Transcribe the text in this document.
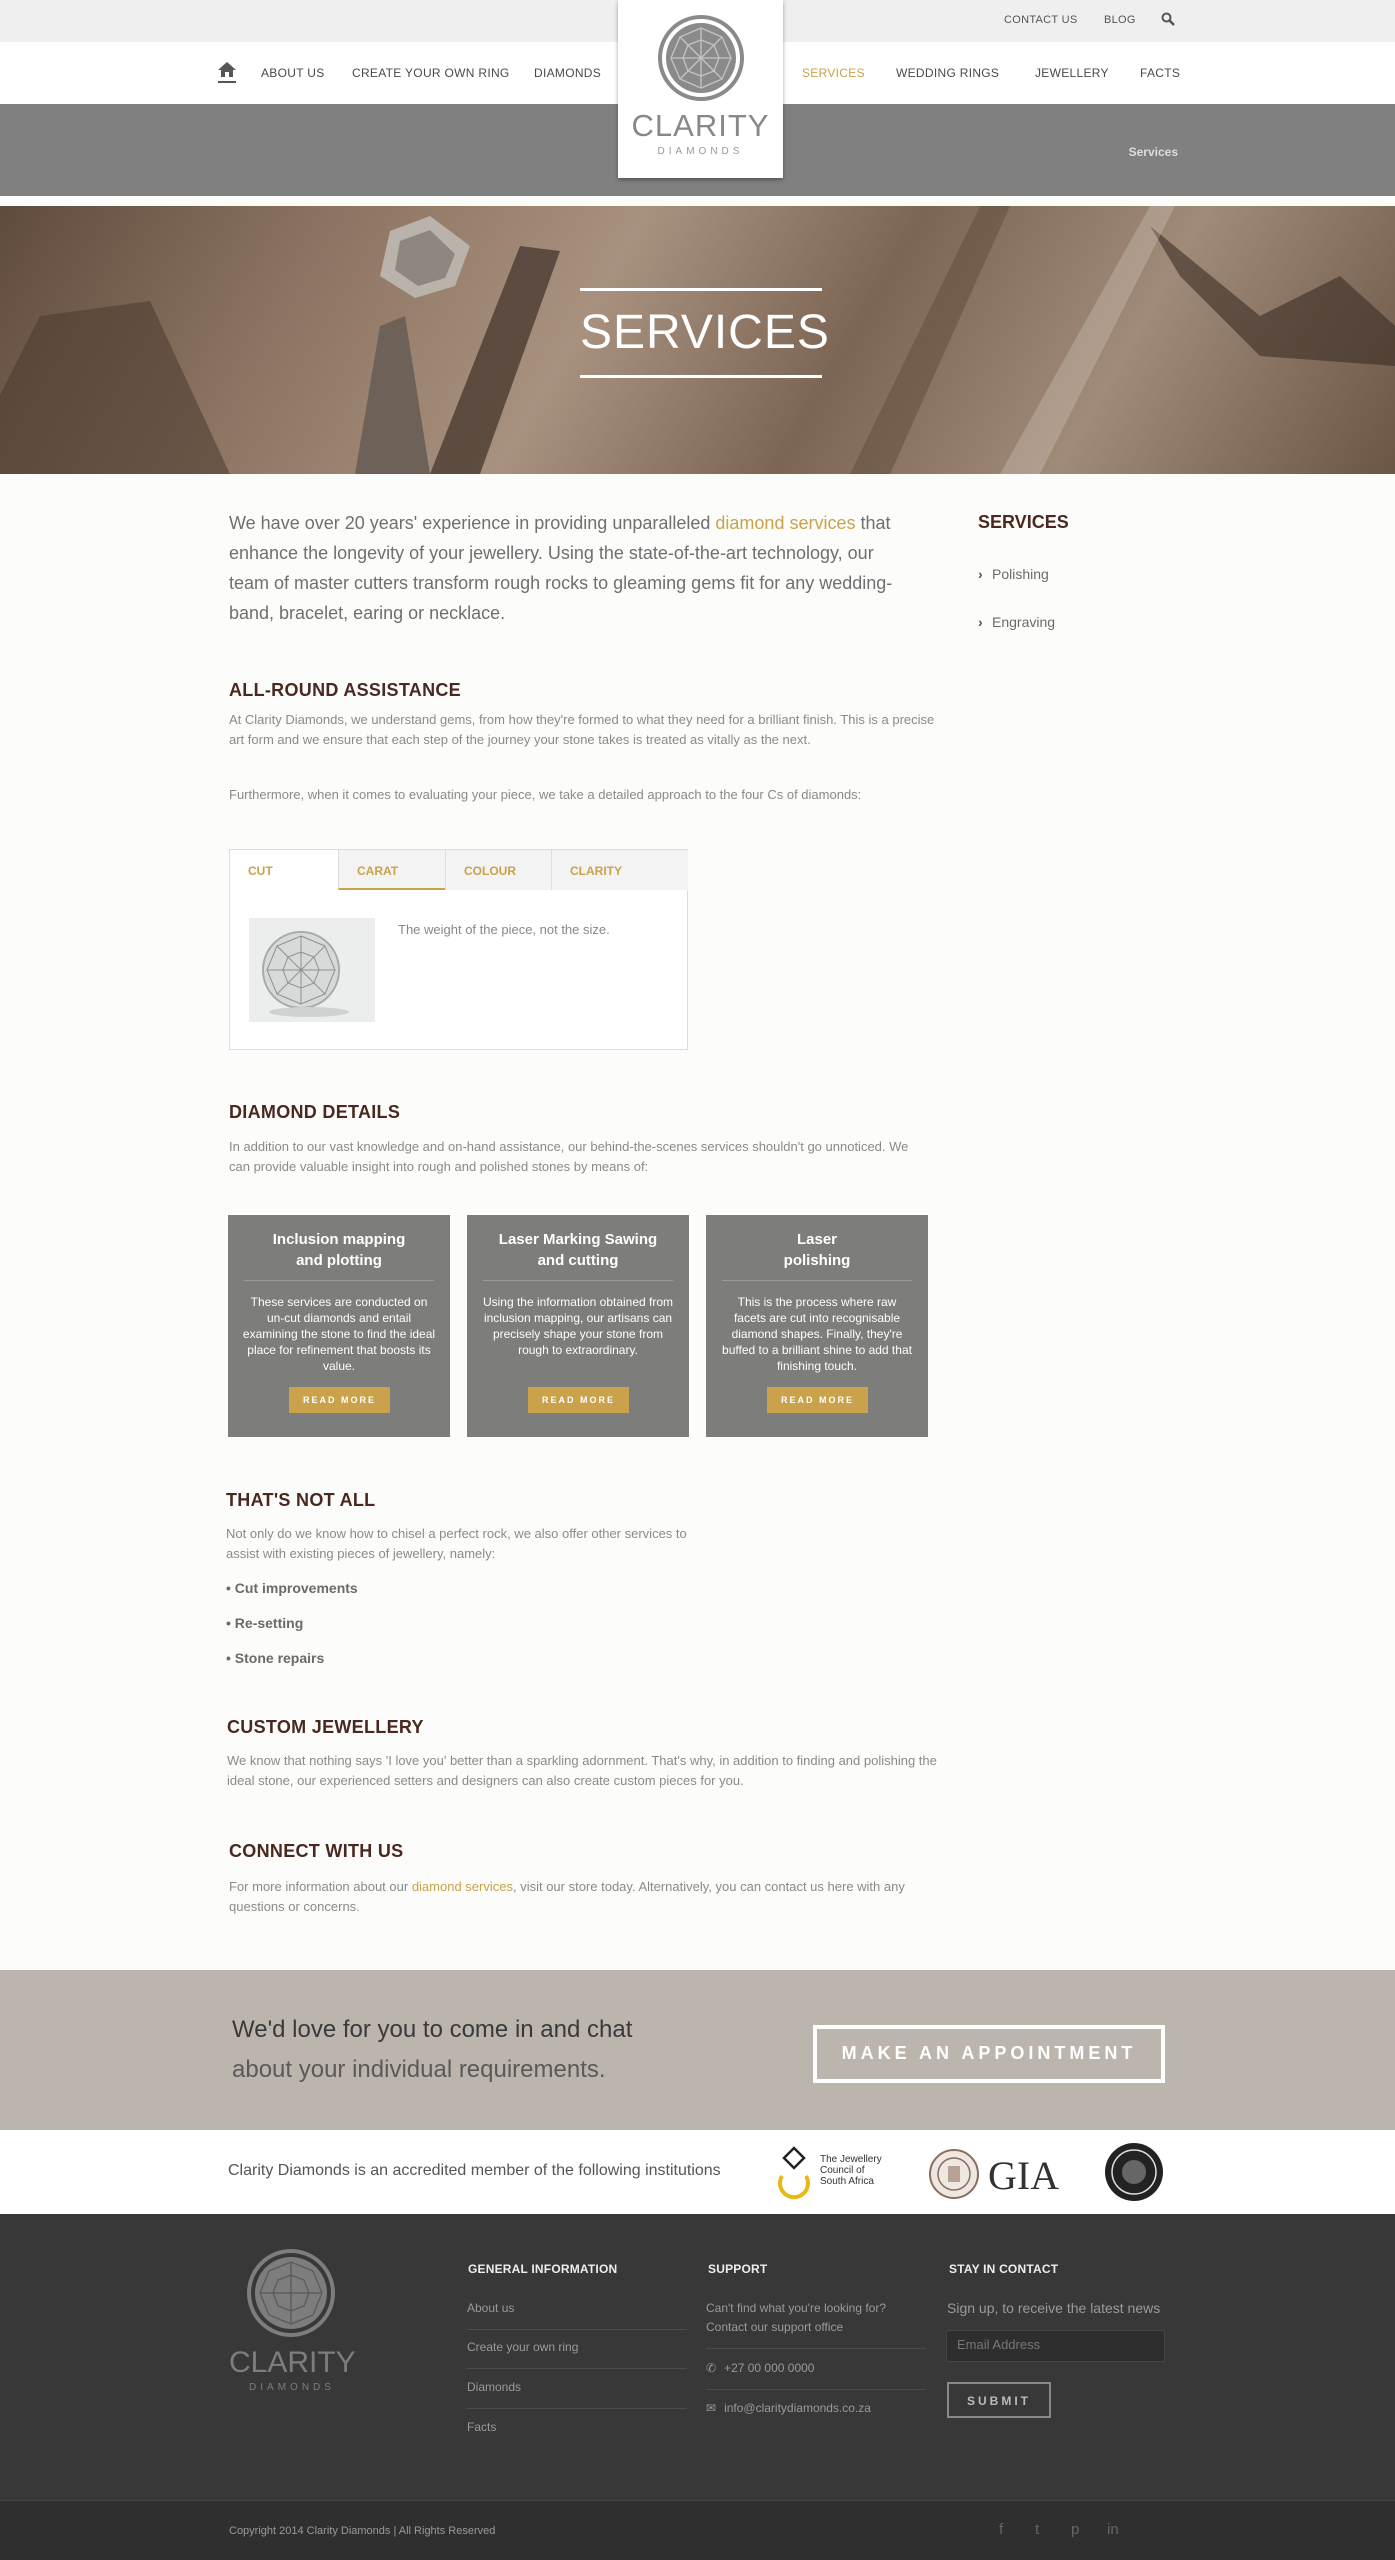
CONTACT US BLOG
ABOUT US CREATE YOUR OWN RING DIAMONDS	SERVICES	WEDDING RINGS	JEWELLERY	FACTS
Services
CLARITY
DIAMONDS
SERVICES
We have over 20 years' experience in providing unparalleled diamond services that enhance the longevity of your jewellery. Using the state-of-the-art technology, our team of master cutters transform rough rocks to gleaming gems fit for any wedding-band, bracelet, earing or necklace.
SERVICES
› Polishing
› Engraving
ALL-ROUND ASSISTANCE
At Clarity Diamonds, we understand gems, from how they're formed to what they need for a brilliant finish. This is a precise art form and we ensure that each step of the journey your stone takes is treated as vitally as the next.
Furthermore, when it comes to evaluating your piece, we take a detailed approach to the four Cs of diamonds:
CUT	CARAT	COLOUR	CLARITY
The weight of the piece, not the size.
DIAMOND DETAILS
In addition to our vast knowledge and on-hand assistance, our behind-the-scenes services shouldn't go unnoticed. We can provide valuable insight into rough and polished stones by means of:
Inclusion mapping
and plotting
These services are conducted on un-cut diamonds and entail examining the stone to find the ideal place for refinement that boosts its value.
READ MORE
Laser Marking Sawing
and cutting
Using the information obtained from inclusion mapping, our artisans can precisely shape your stone from rough to extraordinary.
READ MORE
Laser
polishing
This is the process where raw facets are cut into recognisable diamond shapes. Finally, they're buffed to a brilliant shine to add that finishing touch.
READ MORE
THAT'S NOT ALL
Not only do we know how to chisel a perfect rock, we also offer other services to assist with existing pieces of jewellery, namely:
• Cut improvements
• Re-setting
• Stone repairs
CUSTOM JEWELLERY
We know that nothing says 'I love you' better than a sparkling adornment. That's why, in addition to finding and polishing the ideal stone, our experienced setters and designers can also create custom pieces for you.
CONNECT WITH US
For more information about our diamond services, visit our store today. Alternatively, you can contact us here with any questions or concerns.
We'd love for you to come in and chat
about your individual requirements.
MAKE AN APPOINTMENT
Clarity Diamonds is an accredited member of the following institutions
The Jewellery
Council of
South Africa	GIA
CLARITY
DIAMONDS
GENERAL INFORMATION
About us
Create your own ring
Diamonds
Facts
SUPPORT
Can't find what you're looking for?
Contact our support office
✆ +27 00 000 0000
✉ info@claritydiamonds.co.za
STAY IN CONTACT
Sign up, to receive the latest news
Email Address
SUBMIT
Copyright 2014 Clarity Diamonds | All Rights Reserved	f t p in
